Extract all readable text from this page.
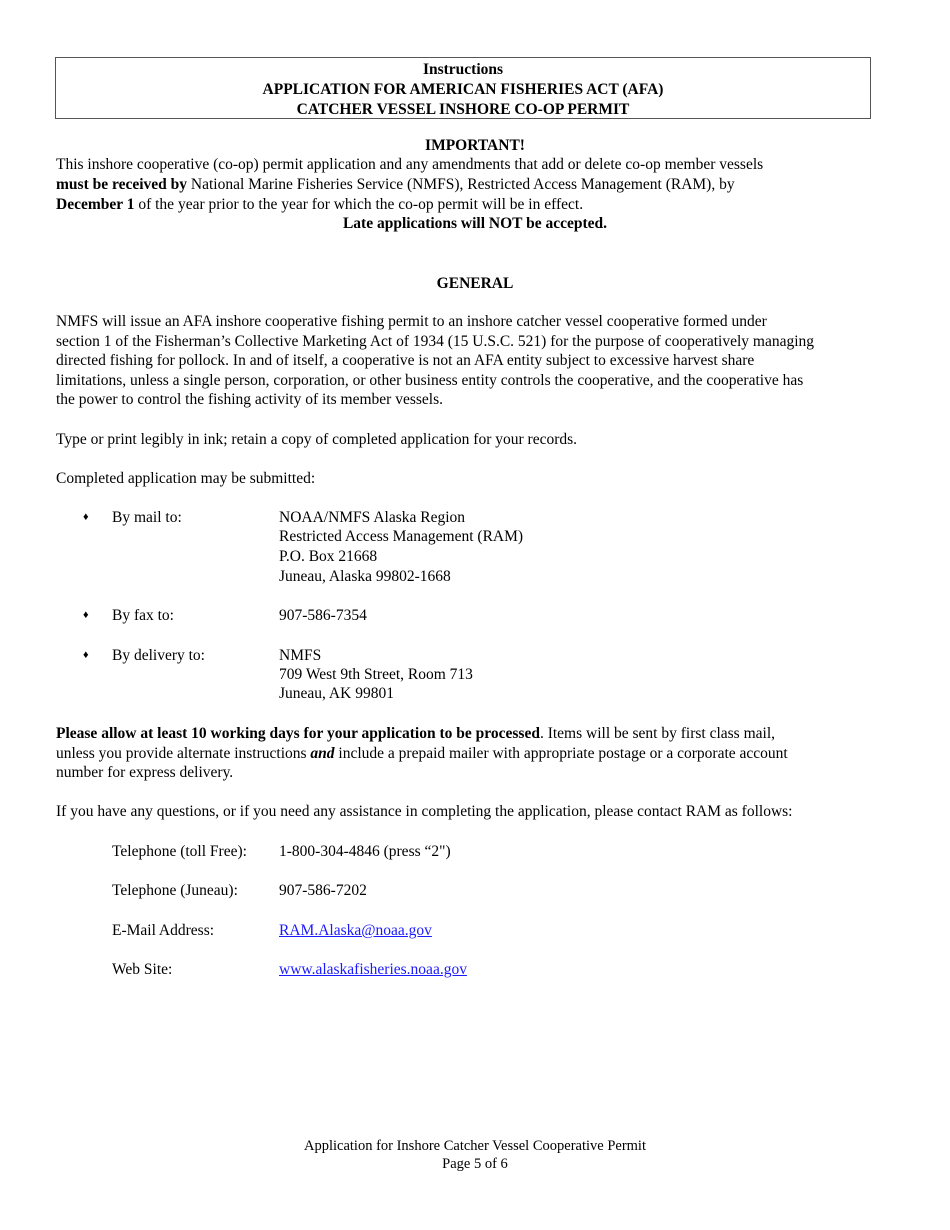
Instructions
APPLICATION FOR AMERICAN FISHERIES ACT (AFA)
CATCHER VESSEL INSHORE CO-OP PERMIT
IMPORTANT!
This inshore cooperative (co-op) permit application and any amendments that add or delete co-op member vessels
must be received by National Marine Fisheries Service (NMFS), Restricted Access Management (RAM), by
December 1 of the year prior to the year for which the co-op permit will be in effect.
Late applications will NOT be accepted.
GENERAL
NMFS will issue an AFA inshore cooperative fishing permit to an inshore catcher vessel cooperative formed under
section 1 of the Fisherman’s Collective Marketing Act of 1934 (15 U.S.C. 521) for the purpose of cooperatively managing
directed fishing for pollock. In and of itself, a cooperative is not an AFA entity subject to excessive harvest share
limitations, unless a single person, corporation, or other business entity controls the cooperative, and the cooperative has
the power to control the fishing activity of its member vessels.
Type or print legibly in ink; retain a copy of completed application for your records.
Completed application may be submitted:
♦ By mail to:	NOAA/NMFS Alaska Region
Restricted Access Management (RAM)
P.O. Box 21668
Juneau, Alaska 99802-1668
♦ By fax to:	907-586-7354
♦ By delivery to:	NMFS
709 West 9th Street, Room 713
Juneau, AK 99801
Please allow at least 10 working days for your application to be processed. Items will be sent by first class mail,
unless you provide alternate instructions and include a prepaid mailer with appropriate postage or a corporate account
number for express delivery.
If you have any questions, or if you need any assistance in completing the application, please contact RAM as follows:
Telephone (toll Free): 1-800-304-4846 (press “2")
Telephone (Juneau):	907-586-7202
E-Mail Address:	RAM.Alaska@noaa.gov
Web Site:	www.alaskafisheries.noaa.gov
Application for Inshore Catcher Vessel Cooperative Permit
Page 5 of 6
